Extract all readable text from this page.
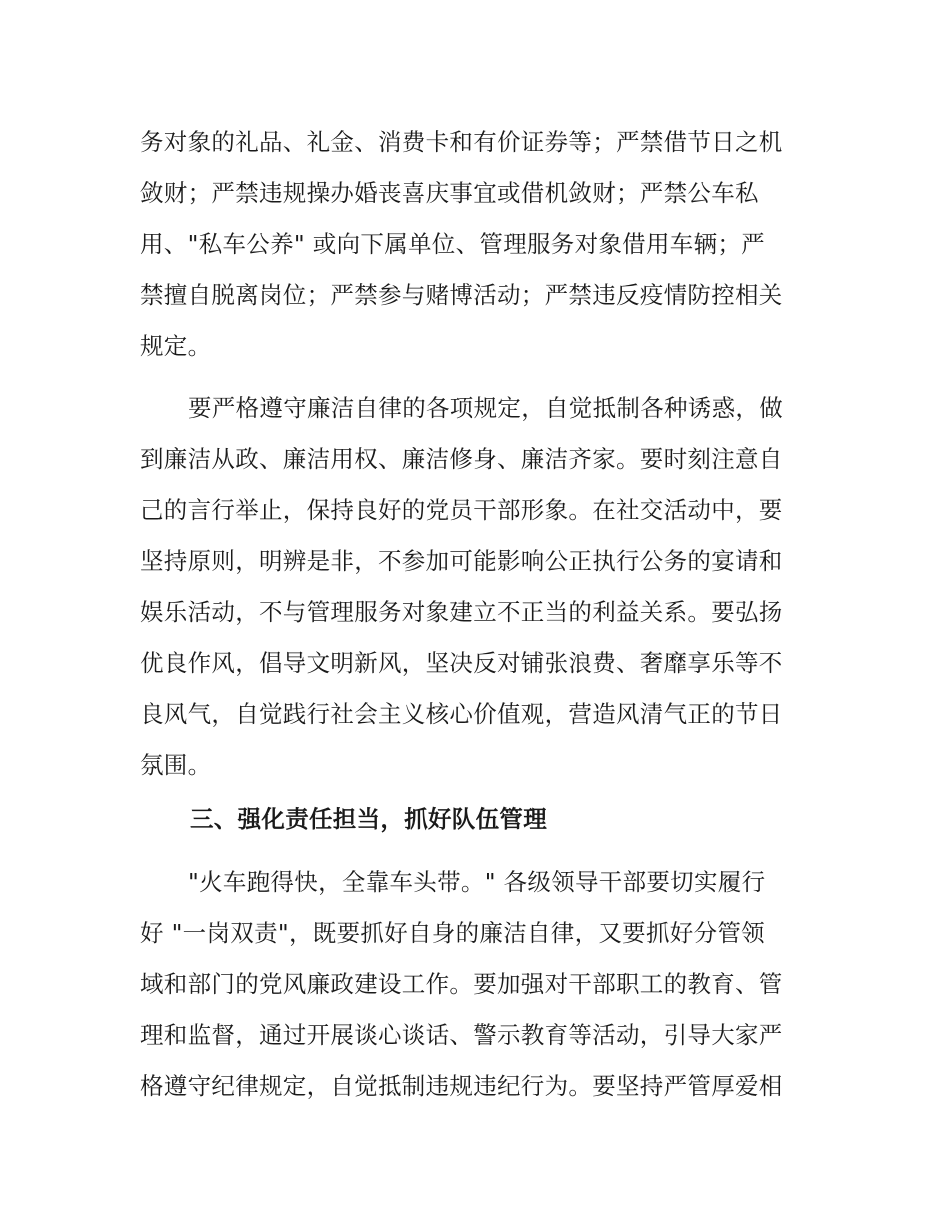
务对象的礼品、礼金、消费卡和有价证券等；严禁借节日之机
敛财；严禁违规操办婚丧喜庆事宜或借机敛财；严禁公车私
用、"私车公养" 或向下属单位、管理服务对象借用车辆；严
禁擅自脱离岗位；严禁参与赌博活动；严禁违反疫情防控相关
规定。
要严格遵守廉洁自律的各项规定，自觉抵制各种诱惑，做
到廉洁从政、廉洁用权、廉洁修身、廉洁齐家。要时刻注意自
己的言行举止，保持良好的党员干部形象。在社交活动中，要
坚持原则，明辨是非，不参加可能影响公正执行公务的宴请和
娱乐活动，不与管理服务对象建立不正当的利益关系。要弘扬
优良作风，倡导文明新风，坚决反对铺张浪费、奢靡享乐等不
良风气，自觉践行社会主义核心价值观，营造风清气正的节日
氛围。
三、强化责任担当，抓好队伍管理
"火车跑得快，全靠车头带。" 各级领导干部要切实履行
好 "一岗双责"，既要抓好自身的廉洁自律，又要抓好分管领
域和部门的党风廉政建设工作。要加强对干部职工的教育、管
理和监督，通过开展谈心谈话、警示教育等活动，引导大家严
格遵守纪律规定，自觉抵制违规违纪行为。要坚持严管厚爱相
